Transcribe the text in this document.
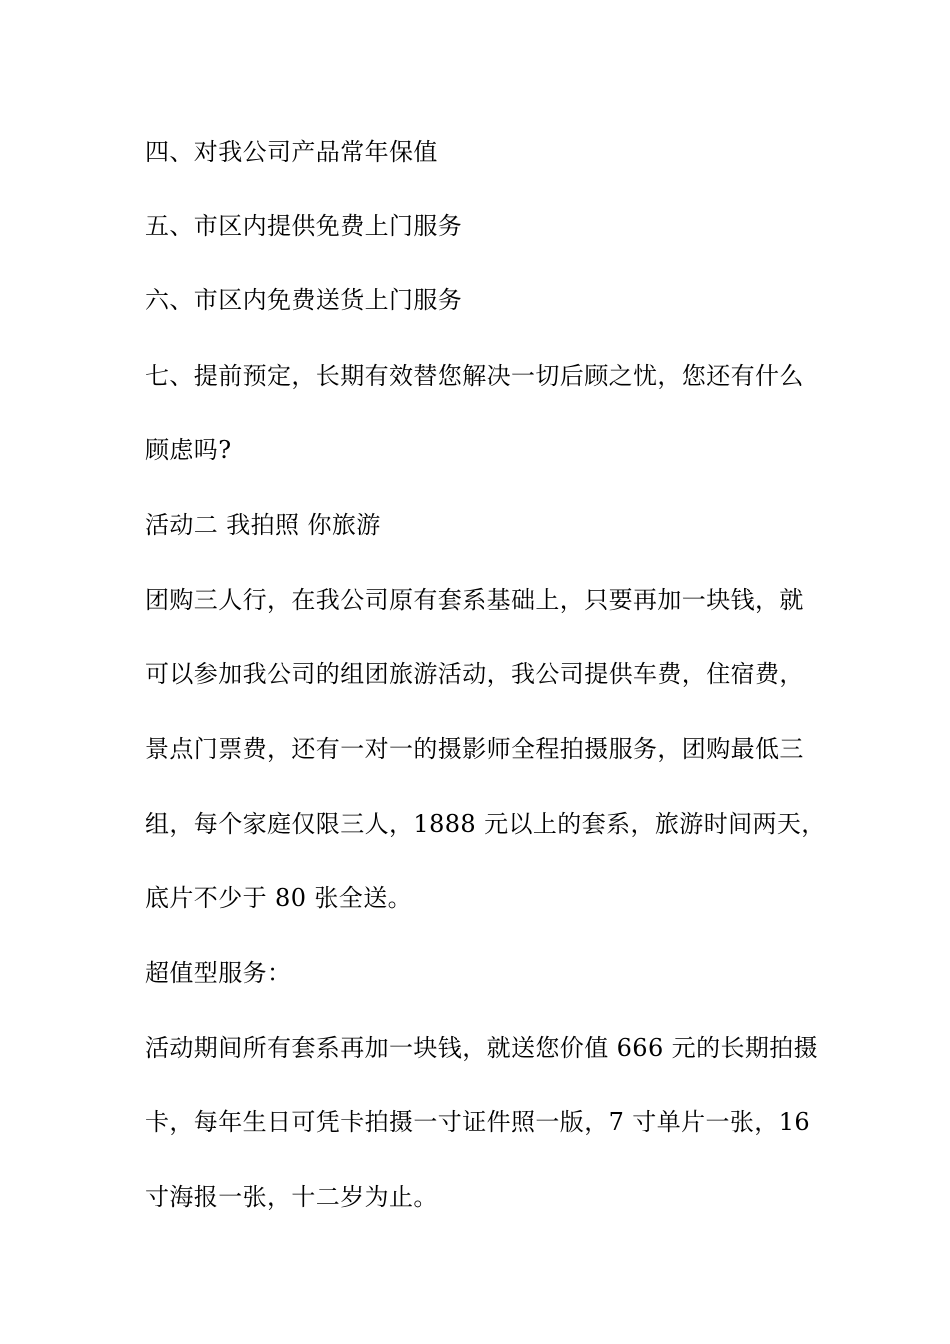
四、对我公司产品常年保值
五、市区内提供免费上门服务
六、市区内免费送货上门服务
七、提前预定，长期有效替您解决一切后顾之忧，您还有什么
顾虑吗?
活动二 我拍照 你旅游
团购三人行，在我公司原有套系基础上，只要再加一块钱，就
可以参加我公司的组团旅游活动，我公司提供车费，住宿费，
景点门票费，还有一对一的摄影师全程拍摄服务，团购最低三
组，每个家庭仅限三人，1888 元以上的套系，旅游时间两天，
底片不少于 80 张全送。
超值型服务：
活动期间所有套系再加一块钱，就送您价值 666 元的长期拍摄
卡，每年生日可凭卡拍摄一寸证件照一版，7 寸单片一张，16
寸海报一张，十二岁为止。
